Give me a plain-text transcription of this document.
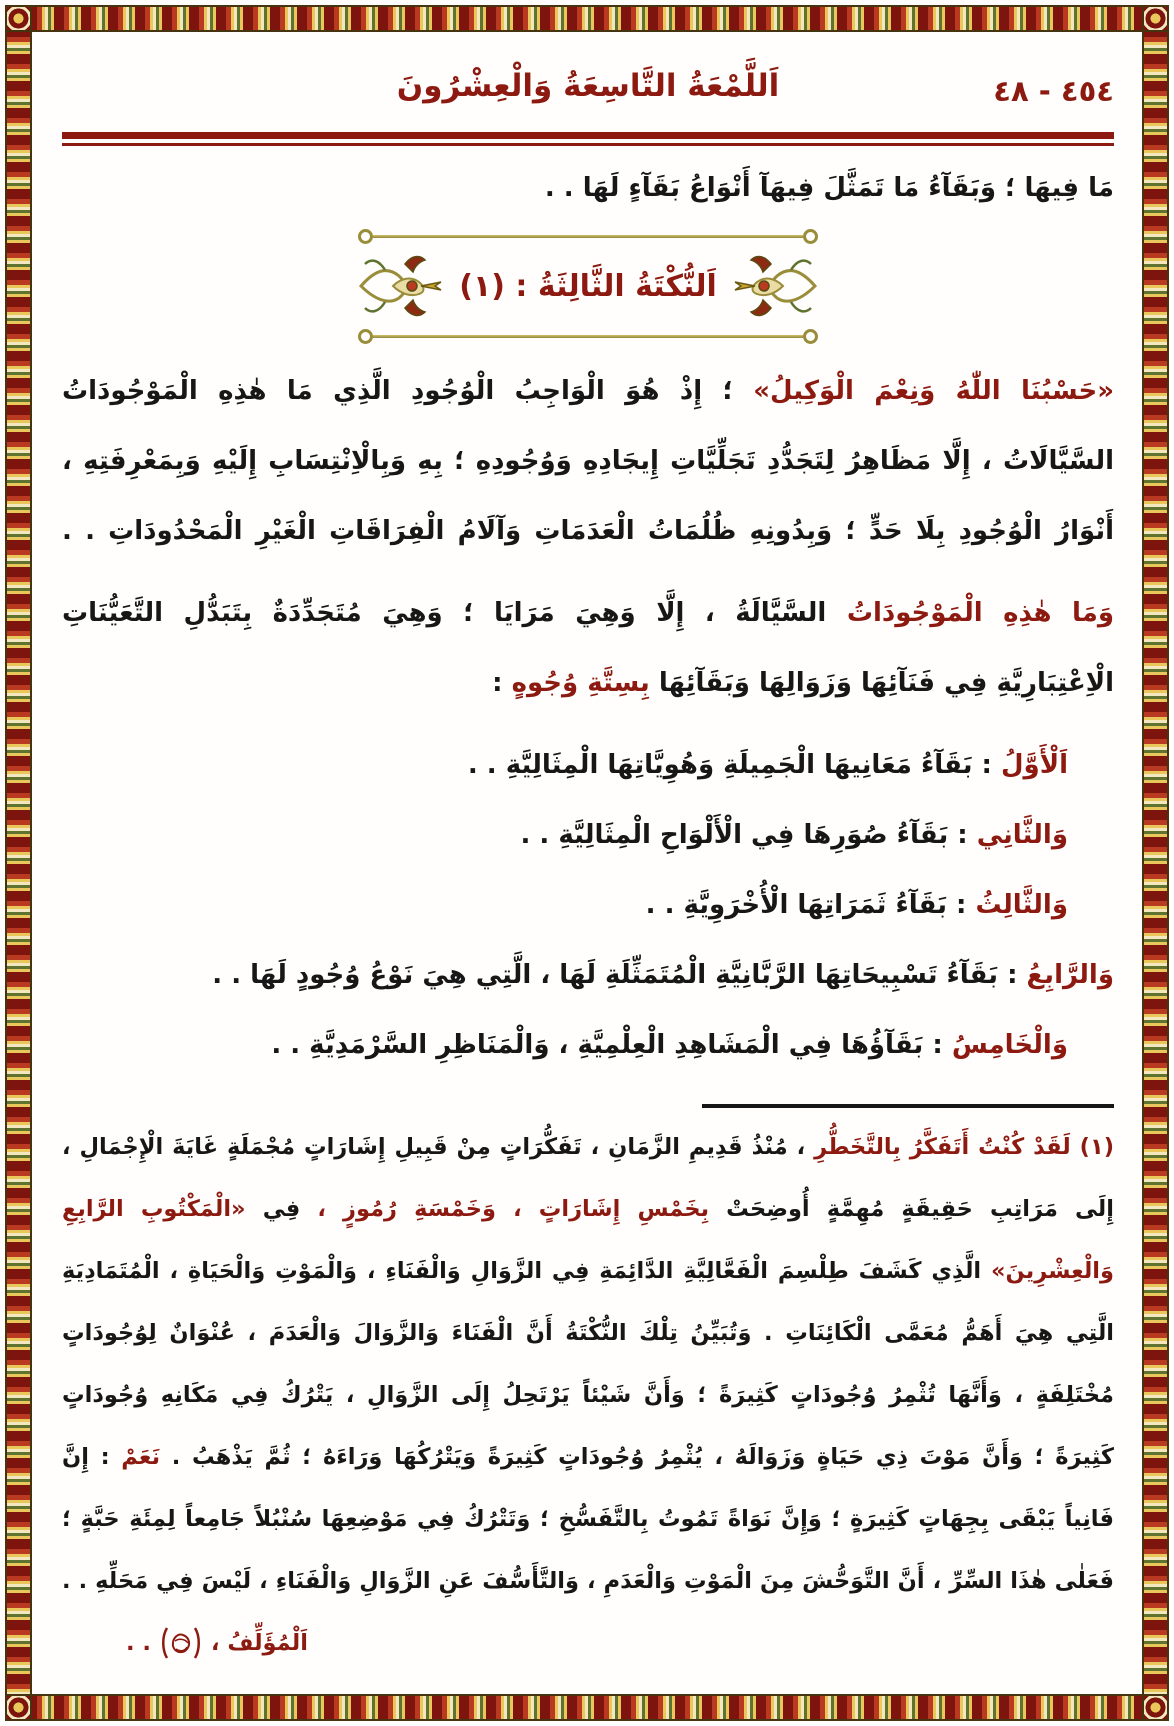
٤٥٤ - ٤٨
اَللَّمْعَةُ التَّاسِعَةُ وَالْعِشْرُونَ
مَا فِيهَا ؛ وَبَقَآءُ مَا تَمَثَّلَ فِيهَآ أَنْوَاعُ بَقَآءٍ لَهَا . .
اَلنُّكْتَةُ الثَّالِثَةُ : (١)
«حَسْبُنَا اللّٰهُ وَنِعْمَ الْوَكِيلُ» ؛ إِذْ هُوَ الْوَاجِبُ الْوُجُودِ الَّذِي مَا هٰذِهِ الْمَوْجُودَاتُ
السَّيَّالَاتُ ، إِلَّا مَظَاهِرُ لِتَجَدُّدِ تَجَلِّيَّاتِ إِيجَادِهِ وَوُجُودِهِ ؛ بِهِ وَبِالْاِنْتِسَابِ إِلَيْهِ وَبِمَعْرِفَتِهِ ،
أَنْوَارُ الْوُجُودِ بِلَا حَدٍّ ؛ وَبِدُونِهِ ظُلُمَاتُ الْعَدَمَاتِ وَآلَامُ الْفِرَاقَاتِ الْغَيْرِ الْمَحْدُودَاتِ . .
وَمَا هٰذِهِ الْمَوْجُودَاتُ السَّيَّالَةُ ، إِلَّا وَهِيَ مَرَايَا ؛ وَهِيَ مُتَجَدِّدَةٌ بِتَبَدُّلِ التَّعَيُّنَاتِ
الْاِعْتِبَارِيَّةِ فِي فَنَآئِهَا وَزَوَالِهَا وَبَقَآئِهَا بِسِتَّةِ وُجُوهٍ :
اَلْأَوَّلُ : بَقَآءُ مَعَانِيهَا الْجَمِيلَةِ وَهُوِيَّاتِهَا الْمِثَالِيَّةِ . .
وَالثَّانِي : بَقَآءُ صُوَرِهَا فِي الْأَلْوَاحِ الْمِثَالِيَّةِ . .
وَالثَّالِثُ : بَقَآءُ ثَمَرَاتِهَا الْأُخْرَوِيَّةِ . .
وَالرَّابِعُ : بَقَآءُ تَسْبِيحَاتِهَا الرَّبَّانِيَّةِ الْمُتَمَثِّلَةِ لَهَا ، الَّتِي هِيَ نَوْعُ وُجُودٍ لَهَا . .
وَالْخَامِسُ : بَقَآؤُهَا فِي الْمَشَاهِدِ الْعِلْمِيَّةِ ، وَالْمَنَاظِرِ السَّرْمَدِيَّةِ . .
(١) لَقَدْ كُنْتُ أَتَفَكَّرُ بِالتَّخَطُّرِ ، مُنْذُ قَدِيمِ الزَّمَانِ ، تَفَكُّرَاتٍ مِنْ قَبِيلِ إِشَارَاتٍ مُجْمَلَةٍ غَايَةَ الْإِجْمَالِ ،
إِلَى مَرَاتِبِ حَقِيقَةٍ مُهِمَّةٍ أُوضِحَتْ بِخَمْسِ إِشَارَاتٍ ، وَخَمْسَةِ رُمُوزٍ ، فِي «الْمَكْتُوبِ الرَّابِعِ
وَالْعِشْرِينَ» الَّذِي كَشَفَ طِلْسِمَ الْفَعَّالِيَّةِ الدَّائِمَةِ فِي الزَّوَالِ وَالْفَنَاءِ ، وَالْمَوْتِ وَالْحَيَاةِ ، الْمُتَمَادِيَةِ
الَّتِي هِيَ أَهَمُّ مُعَمَّى الْكَائِنَاتِ . وَتُبَيِّنُ تِلْكَ النُّكْتَةُ أَنَّ الْفَنَاءَ وَالزَّوَالَ وَالْعَدَمَ ، عُنْوَانٌ لِوُجُودَاتٍ
مُخْتَلِفَةٍ ، وَأَنَّهَا تُثْمِرُ وُجُودَاتٍ كَثِيرَةً ؛ وَأَنَّ شَيْئاً يَرْتَحِلُ إِلَى الزَّوَالِ ، يَتْرُكُ فِي مَكَانِهِ وُجُودَاتٍ
كَثِيرَةً ؛ وَأَنَّ مَوْتَ ذِي حَيَاةٍ وَزَوَالَهُ ، يُثْمِرُ وُجُودَاتٍ كَثِيرَةً وَيَتْرُكُهَا وَرَاءَهُ ؛ ثُمَّ يَذْهَبُ . نَعَمْ : إِنَّ
فَانِياً يَبْقَى بِجِهَاتٍ كَثِيرَةٍ ؛ وَإِنَّ نَوَاةً تَمُوتُ بِالتَّفَسُّخِ ؛ وَتَتْرُكُ فِي مَوْضِعِهَا سُنْبُلاً جَامِعاً لِمِئَةِ حَبَّةٍ ؛
فَعَلٰى هٰذَا السِّرِّ ، أَنَّ التَّوَحُّشَ مِنَ الْمَوْتِ وَالْعَدَمِ ، وَالتَّأَسُّفَ عَنِ الزَّوَالِ وَالْفَنَاءِ ، لَيْسَ فِي مَحَلِّهِ . .
اَلْمُؤَلِّفُ ،
. .
